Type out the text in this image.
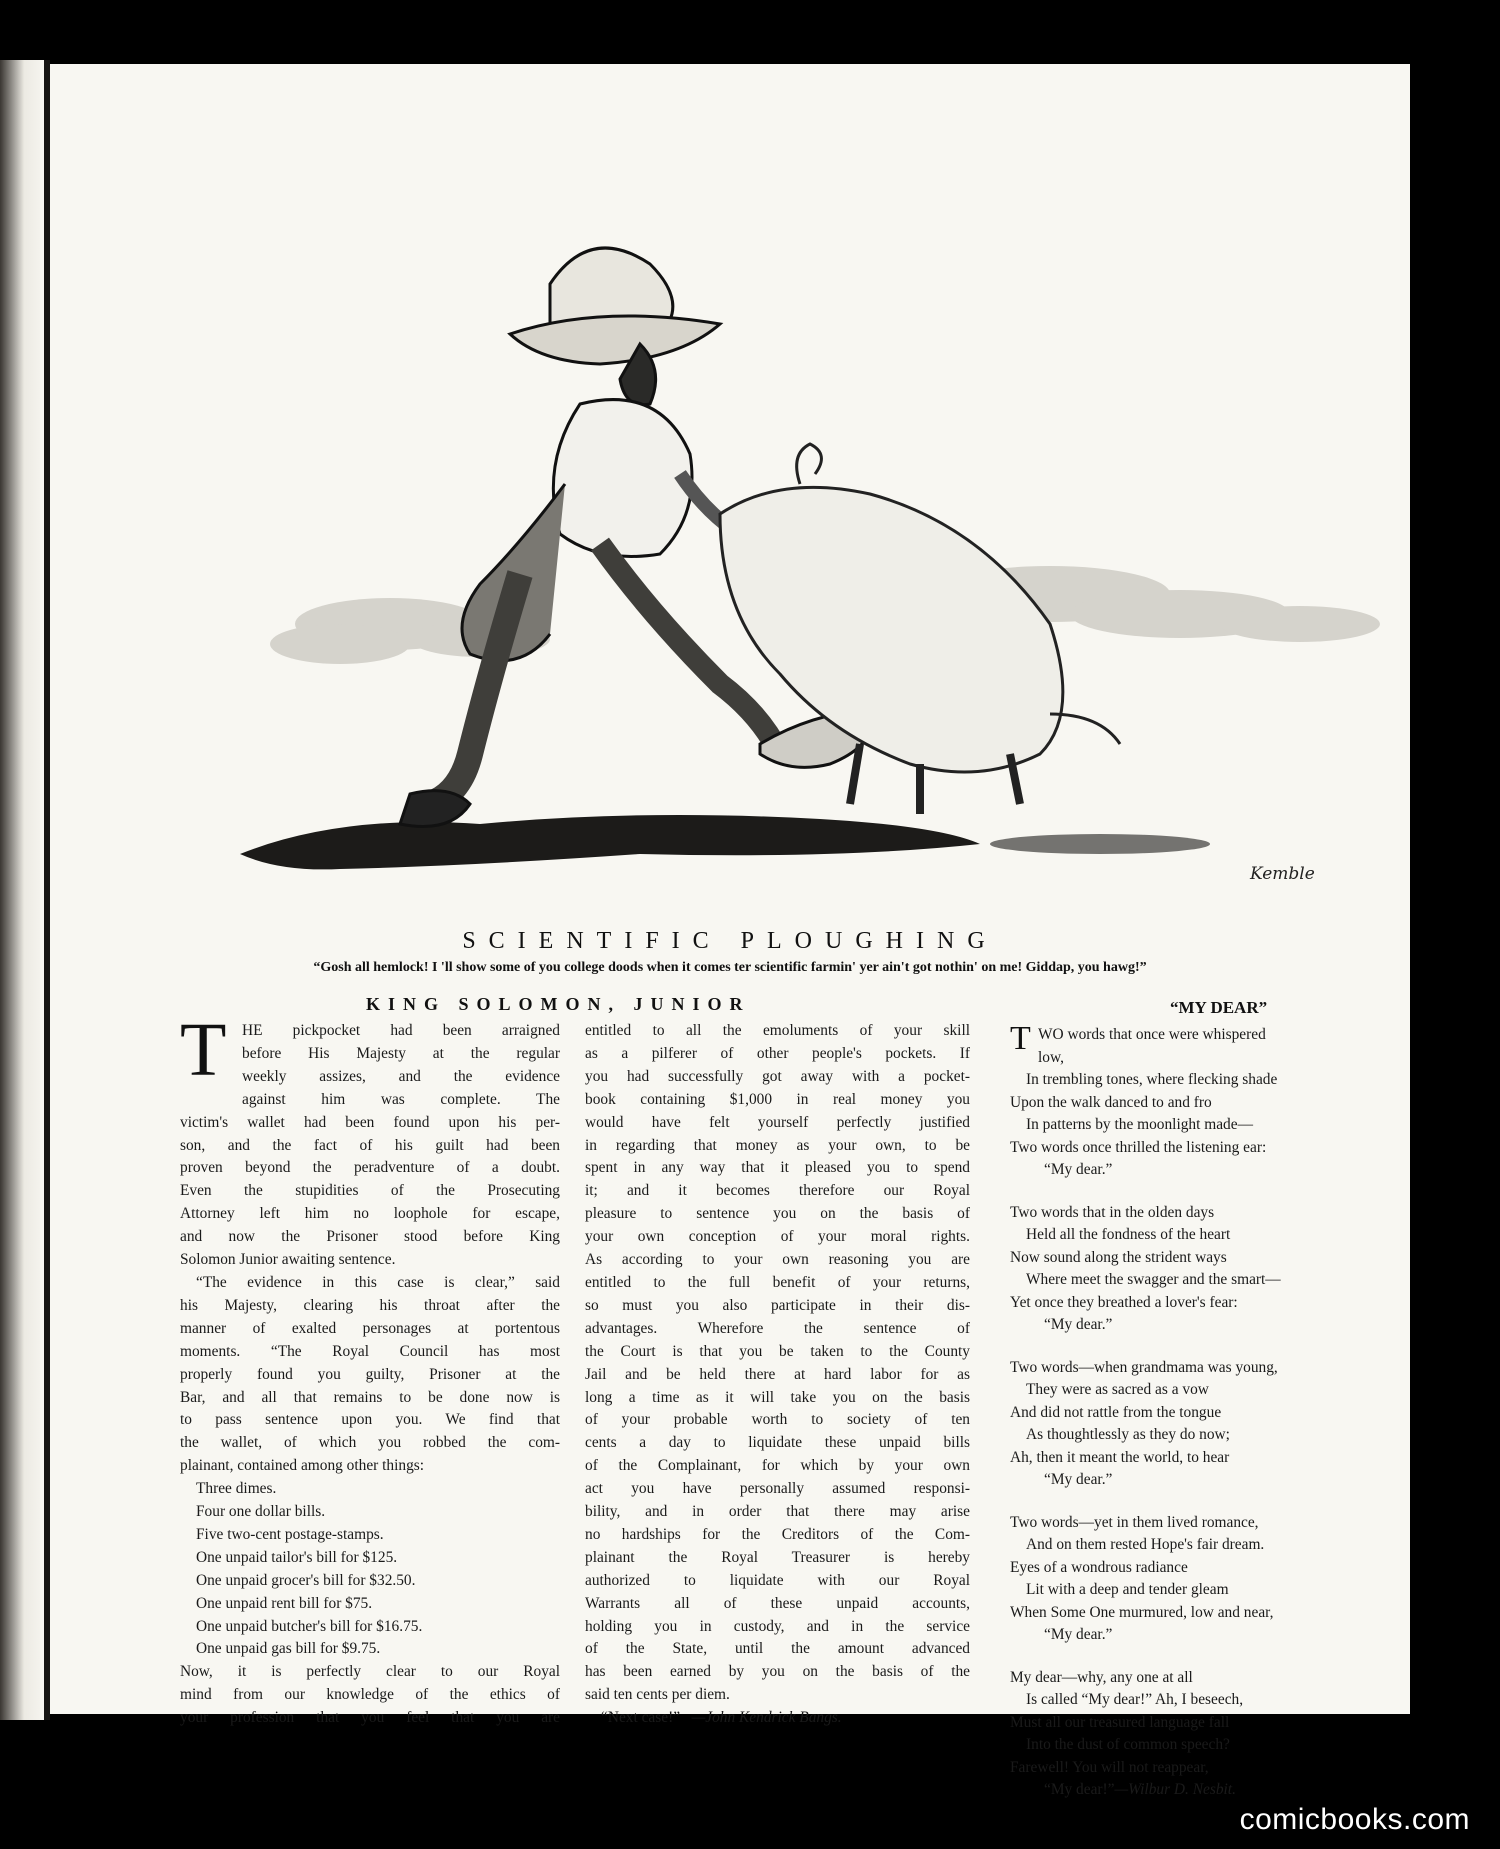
Kemble
SCIENTIFIC PLOUGHING
“Gosh all hemlock! I 'll show some of you college doods when it comes ter scientific farmin' yer ain't got nothin' on me! Giddap, you hawg!”
KING SOLOMON, JUNIOR	“MY DEAR”
T	HE pickpocket had been arraigned
before His Majesty at the regular
weekly assizes, and the evidence
against him was complete. The
victim's wallet had been found upon his per-
son, and the fact of his guilt had been
proven beyond the peradventure of a doubt.
Even the stupidities of the Prosecuting
Attorney left him no loophole for escape,
and now the Prisoner stood before King
Solomon Junior awaiting sentence.
“The evidence in this case is clear,” said
his Majesty, clearing his throat after the
manner of exalted personages at portentous
moments. “The Royal Council has most
properly found you guilty, Prisoner at the
Bar, and all that remains to be done now is
to pass sentence upon you. We find that
the wallet, of which you robbed the com-
plainant, contained among other things:
Three dimes.
Four one dollar bills.
Five two-cent postage-stamps.
One unpaid tailor's bill for $125.
One unpaid grocer's bill for $32.50.
One unpaid rent bill for $75.
One unpaid butcher's bill for $16.75.
One unpaid gas bill for $9.75.
Now, it is perfectly clear to our Royal
mind from our knowledge of the ethics of
your profession that you feel that you are
entitled to all the emoluments of your skill
as a pilferer of other people's pockets. If
you had successfully got away with a pocket-
book containing $1,000 in real money you
would have felt yourself perfectly justified
in regarding that money as your own, to be
spent in any way that it pleased you to spend
it; and it becomes therefore our Royal
pleasure to sentence you on the basis of
your own conception of your moral rights.
As according to your own reasoning you are
entitled to the full benefit of your returns,
so must you also participate in their dis-
advantages. Wherefore the sentence of
the Court is that you be taken to the County
Jail and be held there at hard labor for as
long a time as it will take you on the basis
of your probable worth to society of ten
cents a day to liquidate these unpaid bills
of the Complainant, for which by your own
act you have personally assumed responsi-
bility, and in order that there may arise
no hardships for the Creditors of the Com-
plainant the Royal Treasurer is hereby
authorized to liquidate with our Royal
Warrants all of these unpaid accounts,
holding you in custody, and in the service
of the State, until the amount advanced
has been earned by you on the basis of the
said ten cents per diem.
“Next case!” —John Kendrick Bangs.
T WO words that once were whispered
low,
In trembling tones, where flecking shade
Upon the walk danced to and fro
In patterns by the moonlight made—
Two words once thrilled the listening ear:
“My dear.”
Two words that in the olden days
Held all the fondness of the heart
Now sound along the strident ways
Where meet the swagger and the smart—
Yet once they breathed a lover's fear:
“My dear.”
Two words—when grandmama was young,
They were as sacred as a vow
And did not rattle from the tongue
As thoughtlessly as they do now;
Ah, then it meant the world, to hear
“My dear.”
Two words—yet in them lived romance,
And on them rested Hope's fair dream.
Eyes of a wondrous radiance
Lit with a deep and tender gleam
When Some One murmured, low and near,
“My dear.”
My dear—why, any one at all
Is called “My dear!” Ah, I beseech,
Must all our treasured language fall
Into the dust of common speech?
Farewell! You will not reappear,
“My dear!”—Wilbur D. Nesbit.
comicbooks.com
